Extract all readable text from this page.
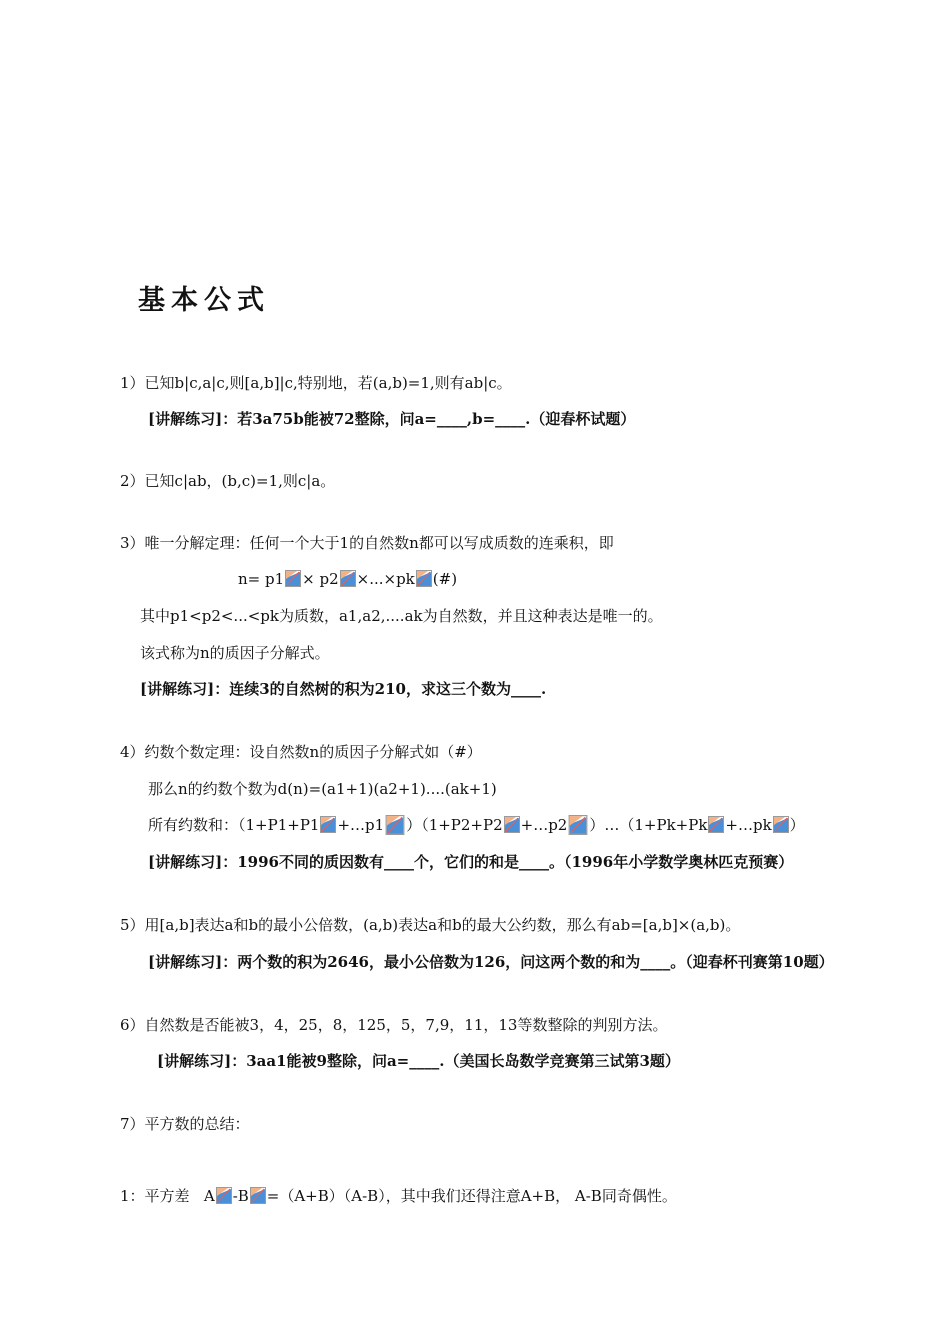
基本公式
1）已知b|c,a|c,则[a,b]|c,特别地，若(a,b)=1,则有ab|c。
[讲解练习]：若3a75b能被72整除，问a=____,b=____.（迎春杯试题）
2）已知c|ab，(b,c)=1,则c|a。
3）唯一分解定理：任何一个大于1的自然数n都可以写成质数的连乘积，即
n= p1 × p2 ×...×pk (#)
其中p1<p2<...<pk为质数，a1,a2,....ak为自然数，并且这种表达是唯一的。
该式称为n的质因子分解式。
[讲解练习]：连续3的自然树的积为210，求这三个数为____.
4）约数个数定理：设自然数n的质因子分解式如（#）
那么n的约数个数为d(n)=(a1+1)(a2+1)....(ak+1)
所有约数和：（1+P1+P1 +…p1 ）（1+P2+P2 +…p2 ）…（1+Pk+Pk +…pk ）
[讲解练习]：1996不同的质因数有____个，它们的和是____。（1996年小学数学奥林匹克预赛）
5）用[a,b]表达a和b的最小公倍数，(a,b)表达a和b的最大公约数，那么有ab=[a,b]×(a,b)。
[讲解练习]：两个数的积为2646，最小公倍数为126，问这两个数的和为____。（迎春杯刊赛第10题）
6）自然数是否能被3，4，25，8，125，5，7,9，11，13等数整除的判别方法。
[讲解练习]：3aa1能被9整除，问a=____.（美国长岛数学竞赛第三试第3题）
7）平方数的总结：
1：平方差   A -B =（A+B）（A-B），其中我们还得注意A+B， A-B同奇偶性。
